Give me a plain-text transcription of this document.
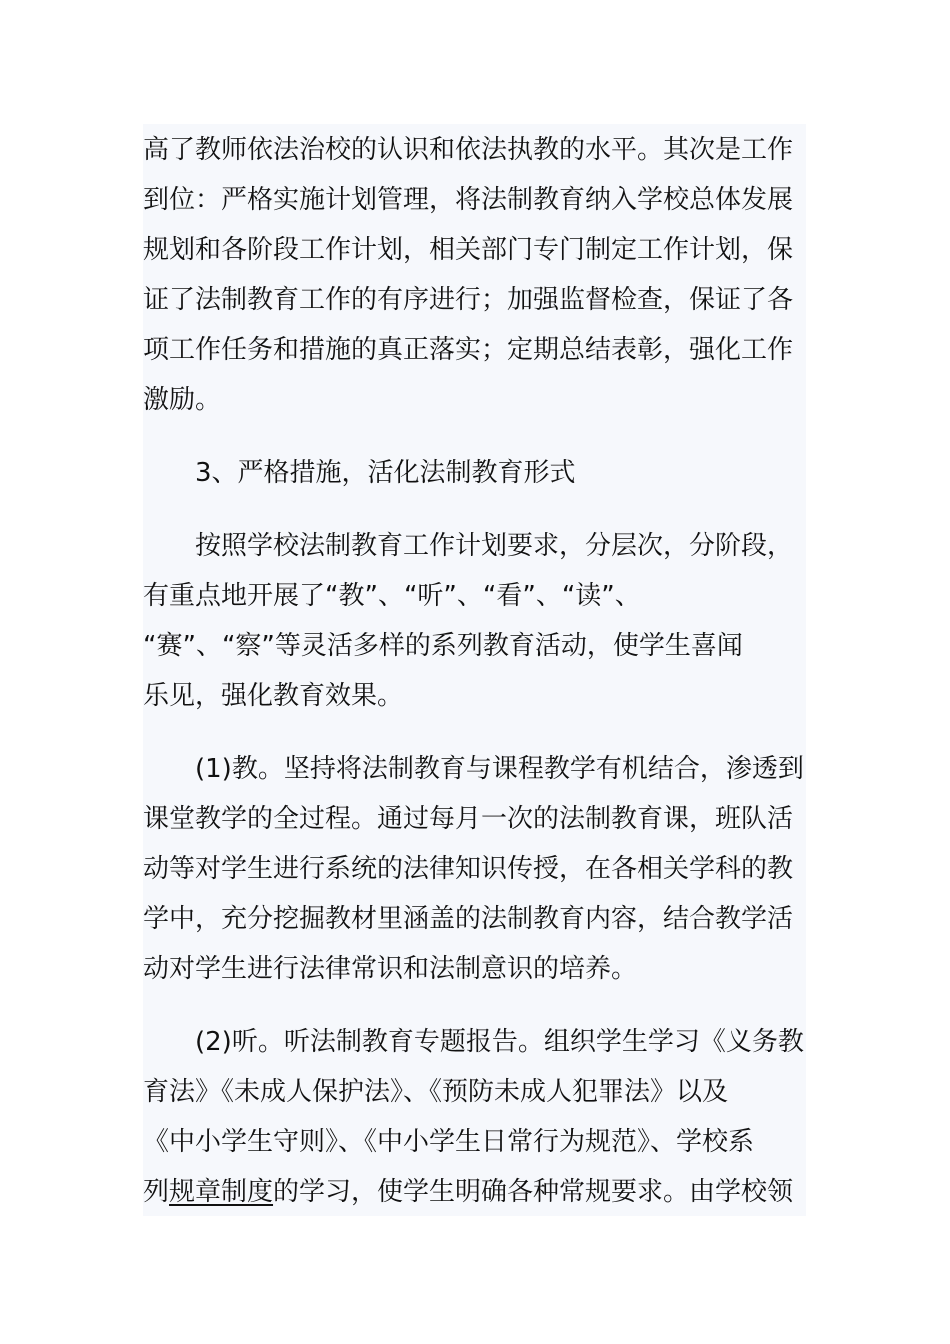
高了教师依法治校的认识和依法执教的水平。其次是工作
到位：严格实施计划管理，将法制教育纳入学校总体发展
规划和各阶段工作计划，相关部门专门制定工作计划，保
证了法制教育工作的有序进行；加强监督检查，保证了各
项工作任务和措施的真正落实；定期总结表彰，强化工作
激励。
3、严格措施，活化法制教育形式
按照学校法制教育工作计划要求，分层次，分阶段，
有重点地开展了“教”、“听”、“看”、“读”、
“赛”、“察”等灵活多样的系列教育活动，使学生喜闻
乐见，强化教育效果。
(1)教。坚持将法制教育与课程教学有机结合，渗透到
课堂教学的全过程。通过每月一次的法制教育课，班队活
动等对学生进行系统的法律知识传授，在各相关学科的教
学中，充分挖掘教材里涵盖的法制教育内容，结合教学活
动对学生进行法律常识和法制意识的培养。
(2)听。听法制教育专题报告。组织学生学习《义务教
育法》《未成人保护法》、《预防未成人犯罪法》以及
《中小学生守则》、《中小学生日常行为规范》、学校系
列规章制度的学习，使学生明确各种常规要求。由学校领
